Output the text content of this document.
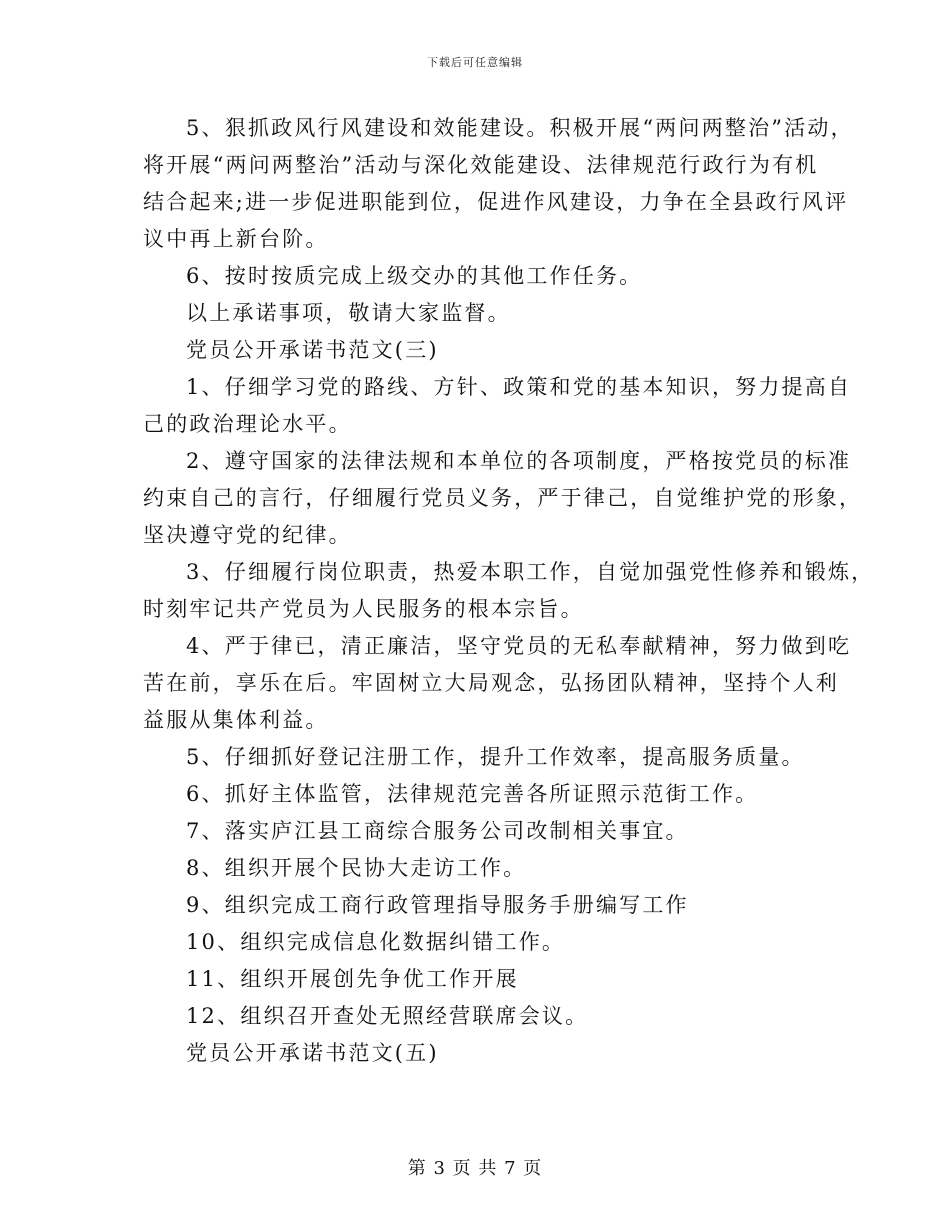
下载后可任意编辑
5、狠抓政风行风建设和效能建设。积极开展“两问两整治”活动，
将开展“两问两整治”活动与深化效能建设、法律规范行政行为有机
结合起来;进一步促进职能到位，促进作风建设，力争在全县政行风评
议中再上新台阶。
6、按时按质完成上级交办的其他工作任务。
以上承诺事项，敬请大家监督。
党员公开承诺书范文(三)
1、仔细学习党的路线、方针、政策和党的基本知识，努力提高自
己的政治理论水平。
2、遵守国家的法律法规和本单位的各项制度，严格按党员的标准
约束自己的言行，仔细履行党员义务，严于律己，自觉维护党的形象，
坚决遵守党的纪律。
3、仔细履行岗位职责，热爱本职工作，自觉加强党性修养和锻炼，
时刻牢记共产党员为人民服务的根本宗旨。
4、严于律已，清正廉洁，坚守党员的无私奉献精神，努力做到吃
苦在前，享乐在后。牢固树立大局观念，弘扬团队精神，坚持个人利
益服从集体利益。
5、仔细抓好登记注册工作，提升工作效率，提高服务质量。
6、抓好主体监管，法律规范完善各所证照示范街工作。
7、落实庐江县工商综合服务公司改制相关事宜。
8、组织开展个民协大走访工作。
9、组织完成工商行政管理指导服务手册编写工作
10、组织完成信息化数据纠错工作。
11、组织开展创先争优工作开展
12、组织召开查处无照经营联席会议。
党员公开承诺书范文(五)
第 3 页 共 7 页
